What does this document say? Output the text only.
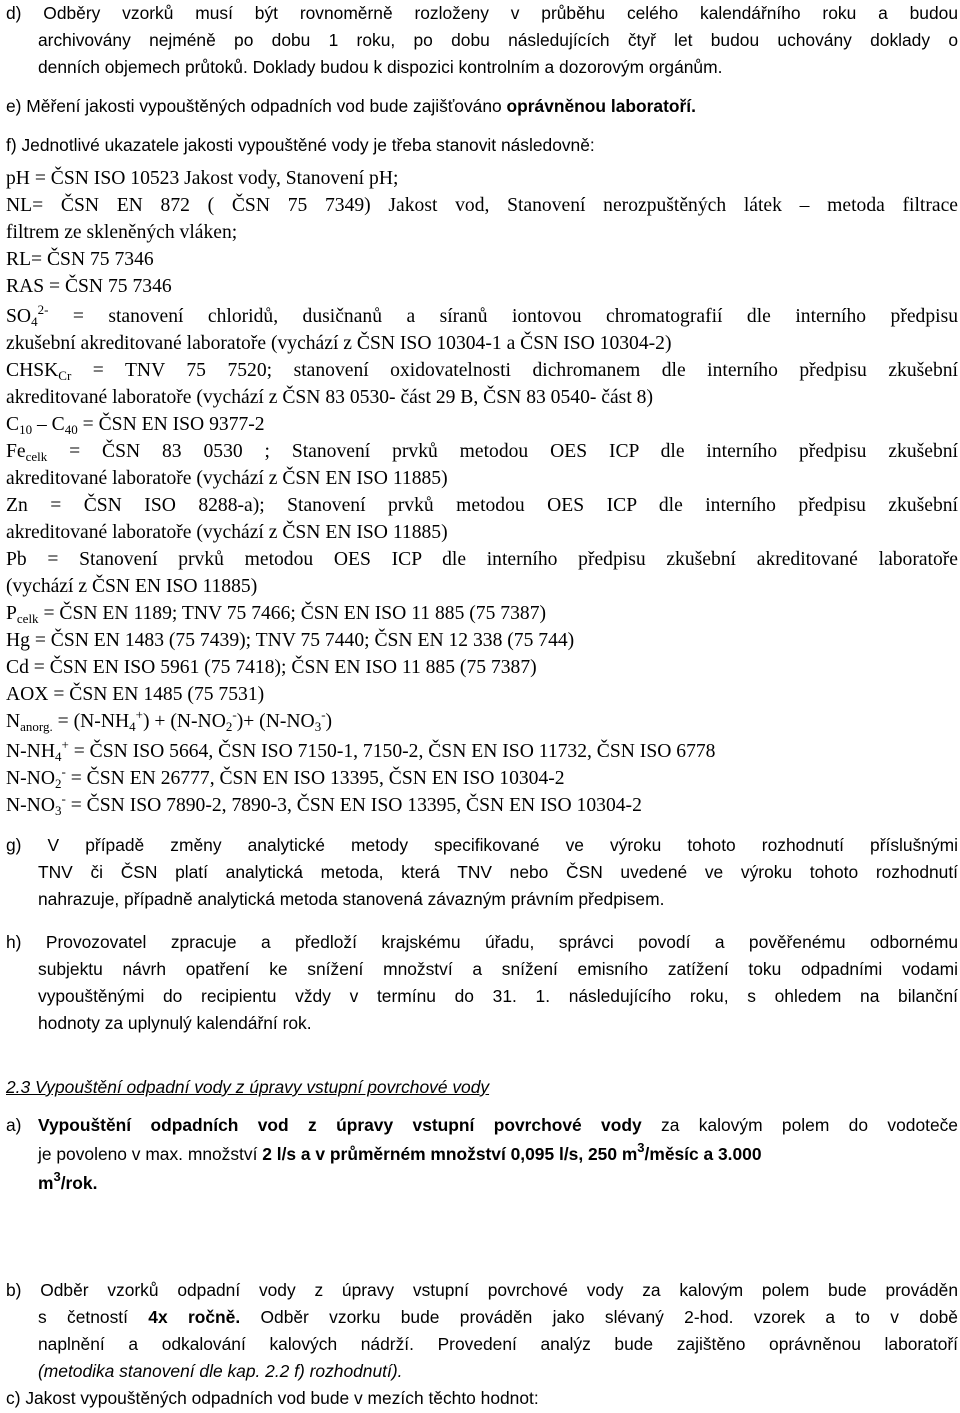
d) Odběry vzorků musí být rovnoměrně rozloženy v průběhu celého kalendářního roku a budou
archivovány nejméně po dobu 1 roku, po dobu následujících čtyř let budou uchovány doklady o
denních objemech průtoků. Doklady budou k dispozici kontrolním a dozorovým orgánům.
e) Měření jakosti vypouštěných odpadních vod bude zajišťováno oprávněnou laboratoří.
f) Jednotlivé ukazatele jakosti vypouštěné vody je třeba stanovit následovně:
pH = ČSN ISO 10523 Jakost vody, Stanovení pH;
NL= ČSN EN 872 ( ČSN 75 7349) Jakost vod, Stanovení nerozpuštěných látek – metoda filtrace
filtrem ze skleněných vláken;
RL= ČSN 75 7346
RAS = ČSN 75 7346
$SO_4^{2-}$ = stanovení chloridů, dusičnanů a síranů iontovou chromatografií dle interního předpisu
zkušební akreditované laboratoře (vychází z ČSN ISO 10304-1 a ČSN ISO 10304-2)
$CHSK_{Cr}$ = TNV 75 7520; stanovení oxidovatelnosti dichromanem dle interního předpisu zkušební
akreditované laboratoře (vychází z ČSN 83 0530- část 29 B, ČSN 83 0540- část 8)
$C_{10} - C_{40}$ = ČSN EN ISO 9377-2
$Fe_{celk}$ = ČSN 83 0530 ; Stanovení prvků metodou OES ICP dle interního předpisu zkušební
akreditované laboratoře (vychází z ČSN EN ISO 11885)
Zn = ČSN ISO 8288-a); Stanovení prvků metodou OES ICP dle interního předpisu zkušební
akreditované laboratoře (vychází z ČSN EN ISO 11885)
Pb = Stanovení prvků metodou OES ICP dle interního předpisu zkušební akreditované laboratoře
(vychází z ČSN EN ISO 11885)
$P_{celk}$ = ČSN EN 1189; TNV 75 7466; ČSN EN ISO 11 885 (75 7387)
Hg = ČSN EN 1483 (75 7439); TNV 75 7440; ČSN EN 12 338 (75 744)
Cd = ČSN EN ISO 5961 (75 7418); ČSN EN ISO 11 885 (75 7387)
AOX = ČSN EN 1485 (75 7531)
$N_{anorg.} = (N-NH_4^+) + (N-NO_2^-)+ (N-NO_3^-)$
$N-NH_4^+$ = ČSN ISO 5664, ČSN ISO 7150-1, 7150-2, ČSN EN ISO 11732, ČSN ISO 6778
$N-NO_2^-$ = ČSN EN 26777, ČSN EN ISO 13395, ČSN EN ISO 10304-2
$N-NO_3^-$ = ČSN ISO 7890-2, 7890-3, ČSN EN ISO 13395, ČSN EN ISO 10304-2
g) V případě změny analytické metody specifikované ve výroku tohoto rozhodnutí příslušnými
TNV či ČSN platí analytická metoda, která TNV nebo ČSN uvedené ve výroku tohoto rozhodnutí
nahrazuje, případně analytická metoda stanovená závazným právním předpisem.
h) Provozovatel zpracuje a předloží krajskému úřadu, správci povodí a pověřenému odbornému
subjektu návrh opatření ke snížení množství a snížení emisního zatížení toku odpadními vodami
vypouštěnými do recipientu vždy v termínu do 31. 1. následujícího roku, s ohledem na bilanční
hodnoty za uplynulý kalendářní rok.
2.3 Vypouštění odpadní vody z úpravy vstupní povrchové vody
a) Vypouštění odpadních vod z úpravy vstupní povrchové vody za kalovým polem do vodoteče
je povoleno v max. množství 2 l/s a v průměrném množství 0,095 l/s, 250 $m^3$/měsíc a 3.000
$m^3$/rok.
b) Odběr vzorků odpadní vody z úpravy vstupní povrchové vody za kalovým polem bude prováděn
s četností 4x ročně. Odběr vzorku bude prováděn jako slévaný 2-hod. vzorek a to v době
naplnění a odkalování kalových nádrží. Provedení analýz bude zajištěno oprávněnou laboratoří
(metodika stanovení dle kap. 2.2 f) rozhodnutí).
c) Jakost vypouštěných odpadních vod bude v mezích těchto hodnot:
